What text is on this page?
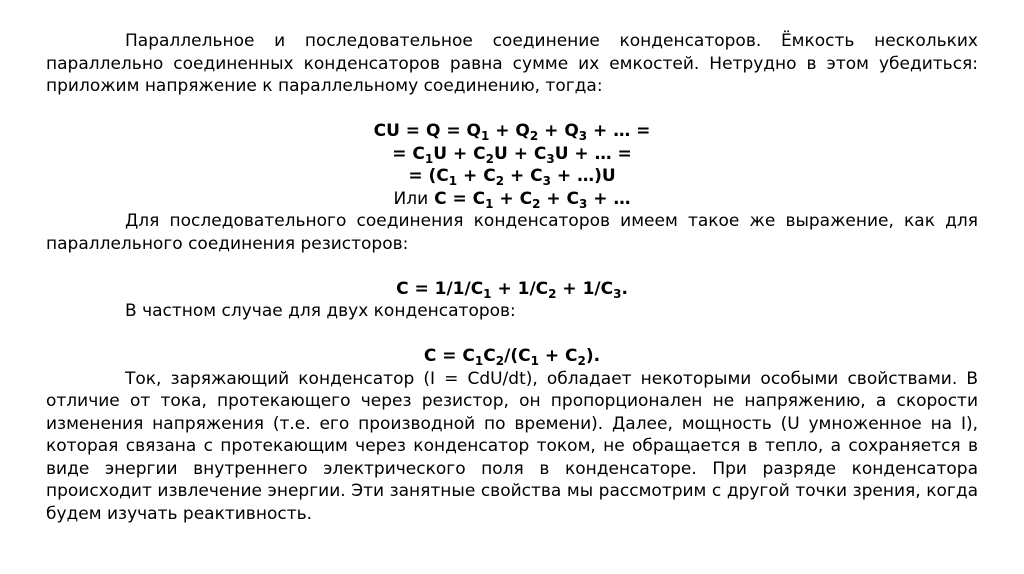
Параллельное и последовательное соединение конденсаторов. Ёмкость нескольких параллельно соединенных конденсаторов равна сумме их емкостей. Нетрудно в этом убедиться: приложим напряжение к параллельному соединению, тогда:

CU = $Q = Q_1 + Q_2 + Q_3$ + … =

= $C_1U + C_2U + C_3U$ + … =

= ($C_1 + C_2 + C_3$ + …)U

Или $C = C_1 + C_2 + C_3$ + …

Для последовательного соединения конденсаторов имеем такое же выражение, как для параллельного соединения резисторов:

$C = 1/1/C_1 + 1/C_2 + 1/C_3$.

В частном случае для двух конденсаторов:

$C = C_1C_2/(C_1 + C_2)$.

Ток, заряжающий конденсатор (I = CdU/dt), обладает некоторыми особыми свойствами. В отличие от тока, протекающего через резистор, он пропорционален не напряжению, а скорости изменения напряжения (т.е. его производной по времени). Далее, мощность (U умноженное на I), которая связана с протекающим через конденсатор током, не обращается в тепло, а сохраняется в виде энергии внутреннего электрического поля в конденсаторе. При разряде конденсатора происходит извлечение энергии. Эти занятные свойства мы рассмотрим с другой точки зрения, когда будем изучать реактивность.
